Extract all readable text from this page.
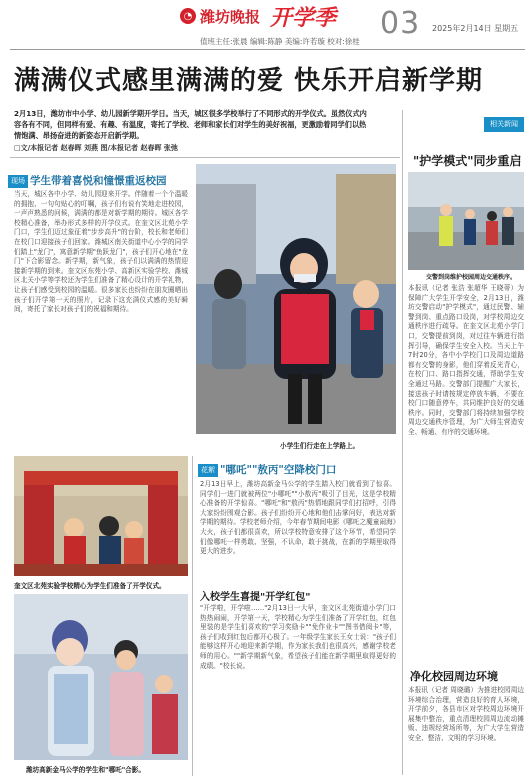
◔ 潍坊晚报 开学季 03 2025年2月14日 星期五
值班主任:张晨 编辑:陈静 美编:许若璇 校对:徐桂
满满仪式感里满满的爱 快乐开启新学期
2月13日，潍坊市中小学、幼儿园新学期开学日。当天，城区很多学校举行了不同形式的开学仪式。虽然仪式内容各有不同，但同样有爱、有趣、有温度，寄托了学校、老师和家长们对学生的美好祝福，更激励着同学们以热情饱满、昂扬奋进的新姿态开启新学期。
□文/本报记者 赵春晖 刘燕 图/本报记者 赵春晖 张弛
现场 学生带着喜悦和憧憬重返校园
当天，城区各中小学、幼儿园迎来开学。伴随着一个个温暖的拥抱、一句句贴心的叮嘱，孩子们有说有笑地走进校园，一声声熟悉的问候，满满的都是对新学期的期待。城区各学校精心准备，举办形式多样的开学仪式。在奎文区北苑小学门口，学生们迈过象征着"步步高升"的台阶，校长和老师们在校门口迎接孩子们回家。潍城区南关街道中心小学的同学们踏上"龙门"，寓意新学期"鱼跃龙门"，孩子们开心地在"龙门"下合影留念。新学期，新气象，孩子们以满满的热情迎接新学期的到来。奎文区东苑小学、高新区实验学校、潍城区北关小学等学校还为学生们准备了精心设计的开学礼物，让孩子们感受到校园的温暖。很多家长也纷纷在朋友圈晒出孩子们开学第一天的照片，记录下这充满仪式感的美好瞬间，寄托了家长对孩子们的祝福和期待。
小学生们行走在上学路上。
奎文区北苑实验学校精心为学生们准备了开学仪式。
潍坊高新金马公学的学生和"哪吒"合影。
花絮 "哪吒""敖丙"空降校门口
2月13日早上，潍坊高新金马公学的学生踏入校门就看到了惊喜。同学们一进门就被两位"小哪吒""小敖丙"吸引了目光，这是学校精心准备的开学惊喜。"哪吒"和"敖丙"热情地跟同学们打招呼，引得大家纷纷围观合影。孩子们纷纷开心地和他们击掌问好，表达对新学期的期待。学校老师介绍，今年春节期间电影《哪吒之魔童闹海》大火，孩子们都很喜欢，所以学校特意安排了这个环节，希望同学们像哪吒一样勇敢、坚强，不认命，敢于挑战，在新的学期里取得更大的进步。
入校学生喜提"开学红包"
"开学啦，开学啦……"2月13日一大早，奎文区北苑街道小学门口热热闹闹，开学第一天，学校精心为学生们准备了开学红包，红包里装的是学生们喜欢的"学习奖励卡""免作业卡""图书借阅卡"等，孩子们收到红包后都开心极了。一年级学生家长王女士说："孩子们能够这样开心地迎来新学期，作为家长我们也很高兴，感谢学校老师的用心。""新学期新气象，希望孩子们能在新学期里取得更好的成绩。"校长说。
相关新闻
"护学模式"同步重启
交警到岗维护校园周边交通秩序。
本报讯（记者 张浩 张超华 王晓蒂）为保障广大学生开学安全，2月13日，潍坊交警启动"护学模式"，通过民警、辅警到岗、重点路口设岗，对学校周边交通秩序进行疏导。在奎文区北苑小学门口，交警提前到岗，对过往车辆进行指挥引导，确保学生安全入校。当天上午7时20分，各中小学校门口及周边道路都有交警的身影，他们穿着反光背心，在校门口、路口指挥交通，帮助学生安全通过马路。交警部门提醒广大家长，接送孩子时请按规定停放车辆，不要在校门口随意停车，共同维护良好的交通秩序。同时，交警部门将持续加强学校周边交通秩序管理，为广大师生营造安全、畅通、有序的交通环境。
净化校园周边环境
本报讯（记者 周晓璐）为推进校园周边环境综合治理，营造良好的育人环境，开学前夕，各县市区对学校周边环境开展集中整治，重点清理校园周边流动摊贩、违规经营场所等，为广大学生营造安全、整洁、文明的学习环境。
